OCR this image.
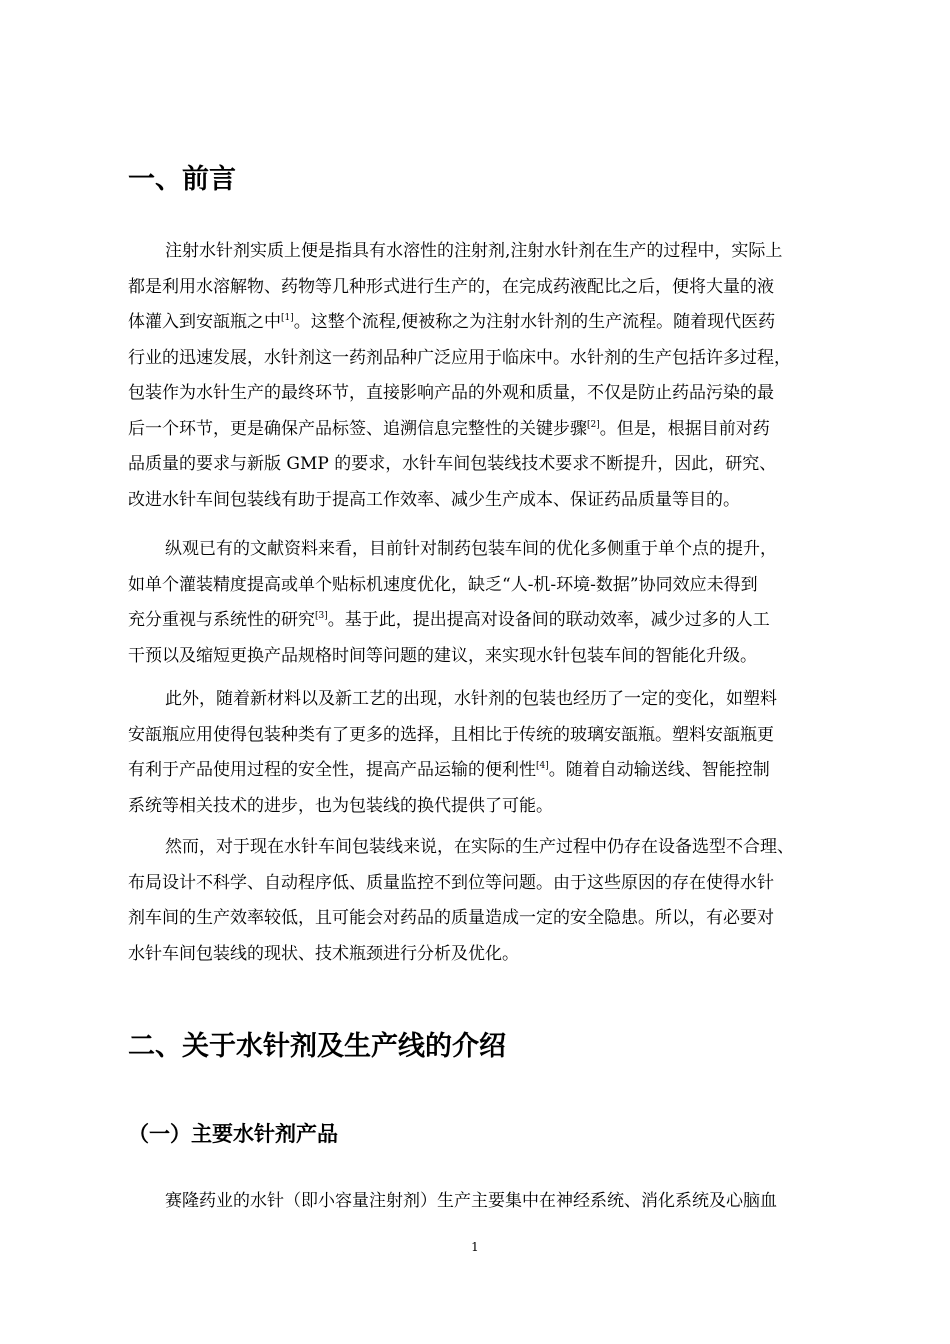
一、前言
注射水针剂实质上便是指具有水溶性的注射剂,注射水针剂在生产的过程中，实际上
都是利用水溶解物、药物等几种形式进行生产的，在完成药液配比之后，便将大量的液
体灌入到安瓿瓶之中[1]。这整个流程,便被称之为注射水针剂的生产流程。随着现代医药
行业的迅速发展，水针剂这一药剂品种广泛应用于临床中。水针剂的生产包括许多过程，
包装作为水针生产的最终环节，直接影响产品的外观和质量，不仅是防止药品污染的最
后一个环节，更是确保产品标签、追溯信息完整性的关键步骤[2]。但是，根据目前对药
品质量的要求与新版 GMP 的要求，水针车间包装线技术要求不断提升，因此，研究、
改进水针车间包装线有助于提高工作效率、减少生产成本、保证药品质量等目的。
纵观已有的文献资料来看，目前针对制药包装车间的优化多侧重于单个点的提升，
如单个灌装精度提高或单个贴标机速度优化，缺乏“人-机-环境-数据”协同效应未得到
充分重视与系统性的研究[3]。基于此，提出提高对设备间的联动效率，减少过多的人工
干预以及缩短更换产品规格时间等问题的建议，来实现水针包装车间的智能化升级。
此外，随着新材料以及新工艺的出现，水针剂的包装也经历了一定的变化，如塑料
安瓿瓶应用使得包装种类有了更多的选择，且相比于传统的玻璃安瓿瓶。塑料安瓿瓶更
有利于产品使用过程的安全性，提高产品运输的便利性[4]。随着自动输送线、智能控制
系统等相关技术的进步，也为包装线的换代提供了可能。
然而，对于现在水针车间包装线来说，在实际的生产过程中仍存在设备选型不合理、
布局设计不科学、自动程序低、质量监控不到位等问题。由于这些原因的存在使得水针
剂车间的生产效率较低，且可能会对药品的质量造成一定的安全隐患。所以，有必要对
水针车间包装线的现状、技术瓶颈进行分析及优化。
二、关于水针剂及生产线的介绍
（一）主要水针剂产品
赛隆药业的水针（即小容量注射剂）生产主要集中在神经系统、消化系统及心脑血
1
